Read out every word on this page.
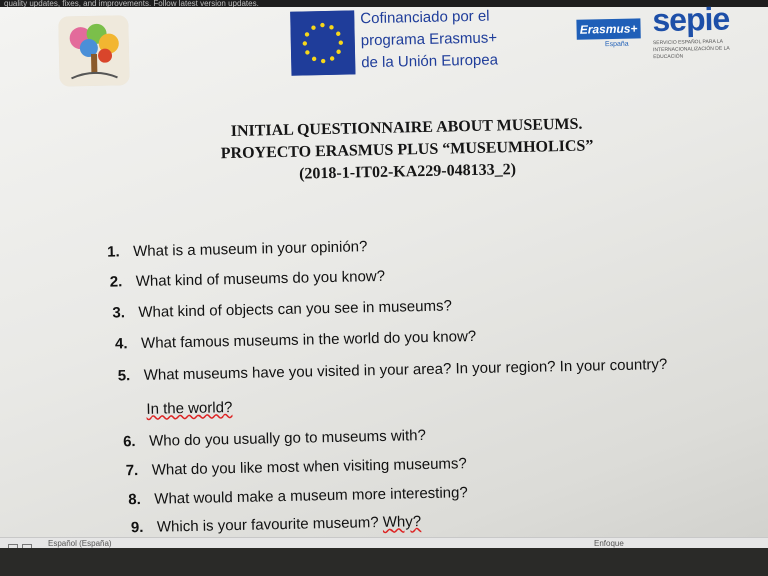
quality updates, fixes, and improvements. Follow latest version updates.
Cofinanciado por el
programa Erasmus+
de la Unión Europea
Erasmus+
España
sepie
SERVICIO ESPAÑOL PARA LA INTERNACIONALIZACIÓN DE LA EDUCACIÓN
INITIAL QUESTIONNAIRE ABOUT MUSEUMS.
PROYECTO ERASMUS PLUS “MUSEUMHOLICS”
(2018-1-IT02-KA229-048133_2)
1. What is a museum in your opinión?
2. What kind of museums do you know?
3. What kind of objects can you see in museums?
4. What famous museums in the world do you know?
5. What museums have you visited in your area? In your region? In your country?
In the world?
6. Who do you usually go to museums with?
7. What do you like most when visiting museums?
8. What would make a museum more interesting?
9. Which is your favourite museum? Why?
Español (España)	Enfoque
